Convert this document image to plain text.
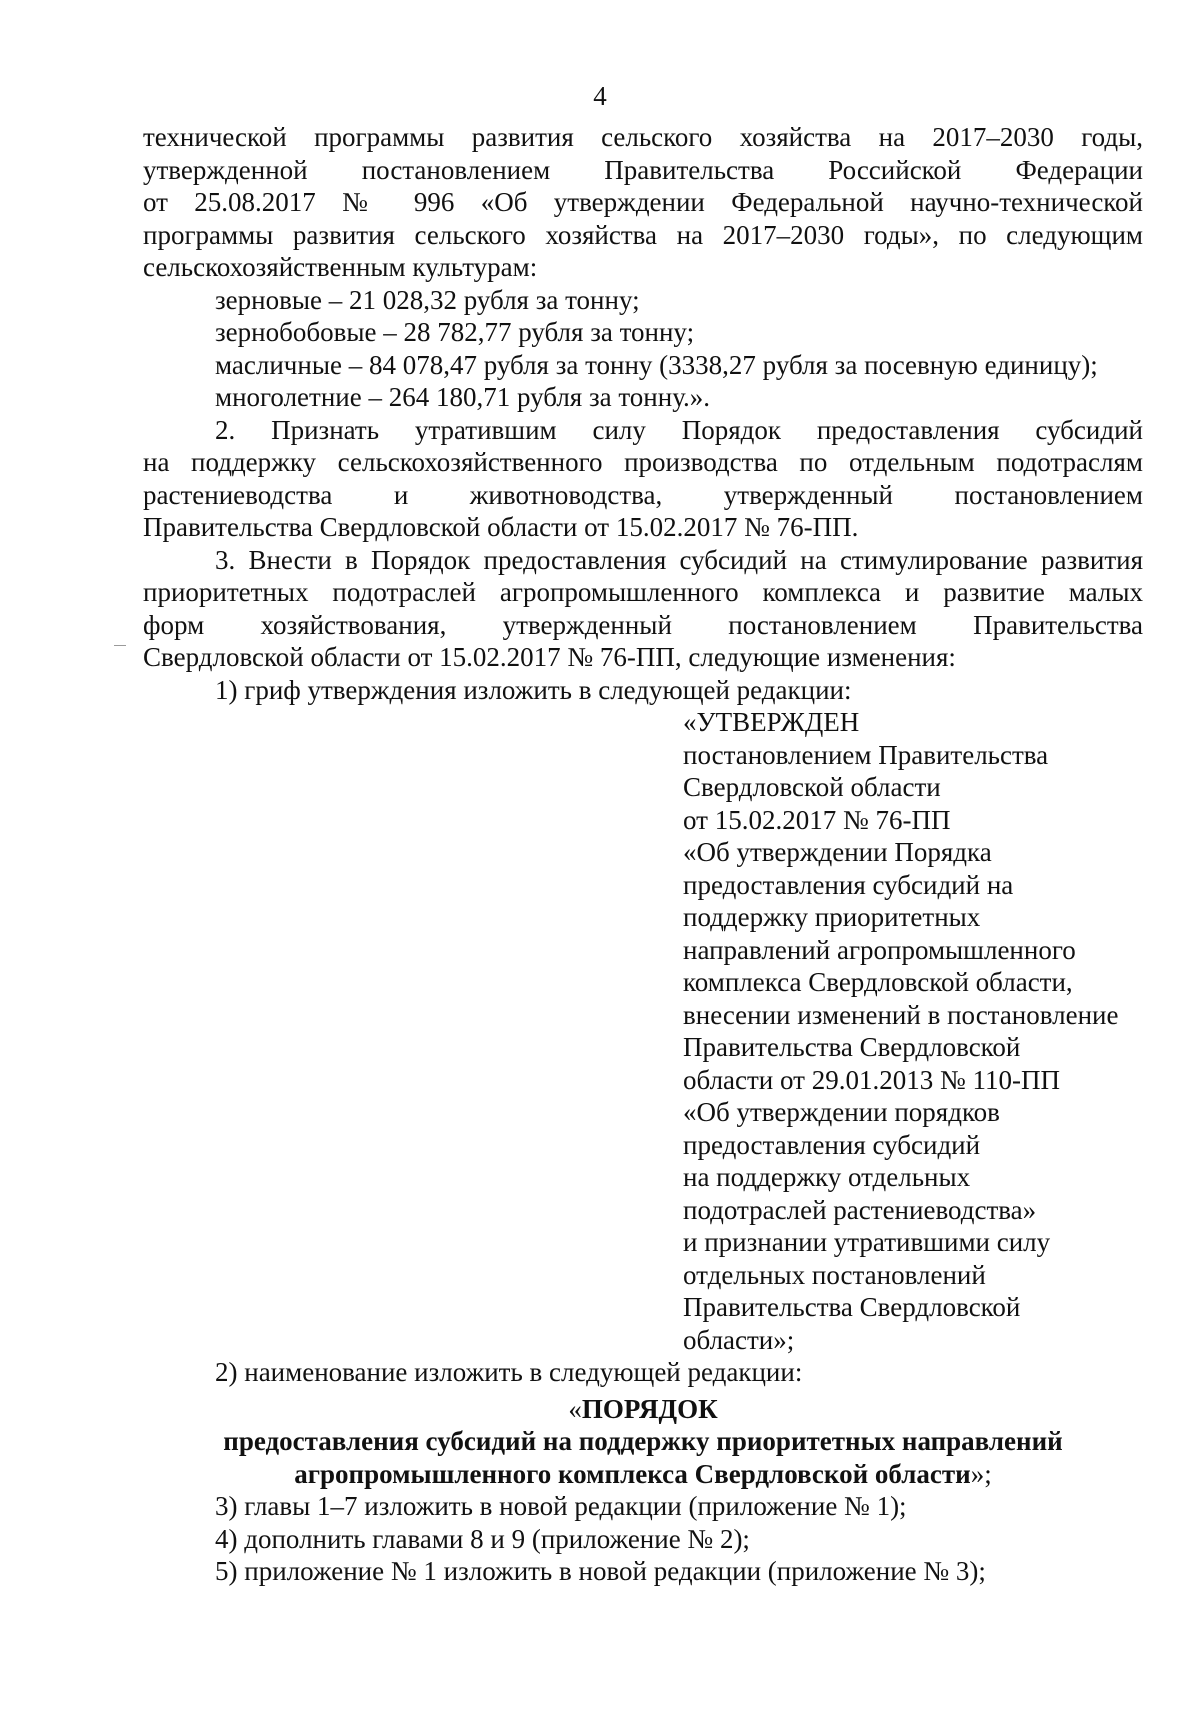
4
технической программы развития сельского хозяйства на 2017–2030 годы,
утвержденной постановлением Правительства Российской Федерации
от 25.08.2017 № 996 «Об утверждении Федеральной научно-технической
программы развития сельского хозяйства на 2017–2030 годы», по следующим
сельскохозяйственным культурам:
зерновые – 21 028,32 рубля за тонну;
зернобобовые – 28 782,77 рубля за тонну;
масличные – 84 078,47 рубля за тонну (3338,27 рубля за посевную единицу);
многолетние – 264 180,71 рубля за тонну.».
2. Признать утратившим силу Порядок предоставления субсидий
на поддержку сельскохозяйственного производства по отдельным подотраслям
растениеводства и животноводства, утвержденный постановлением
Правительства Свердловской области от 15.02.2017 № 76-ПП.
3. Внести в Порядок предоставления субсидий на стимулирование развития
приоритетных подотраслей агропромышленного комплекса и развитие малых
форм хозяйствования, утвержденный постановлением Правительства
Свердловской области от 15.02.2017 № 76-ПП, следующие изменения:
1) гриф утверждения изложить в следующей редакции:
«УТВЕРЖДЕН
постановлением Правительства
Свердловской области
от 15.02.2017 № 76-ПП
«Об утверждении Порядка
предоставления субсидий на
поддержку приоритетных
направлений агропромышленного
комплекса Свердловской области,
внесении изменений в постановление
Правительства Свердловской
области от 29.01.2013 № 110-ПП
«Об утверждении порядков
предоставления субсидий
на поддержку отдельных
подотраслей растениеводства»
и признании утратившими силу
отдельных постановлений
Правительства Свердловской
области»;
2) наименование изложить в следующей редакции:
«ПОРЯДОК
предоставления субсидий на поддержку приоритетных направлений
агропромышленного комплекса Свердловской области»;
3) главы 1–7 изложить в новой редакции (приложение № 1);
4) дополнить главами 8 и 9 (приложение № 2);
5) приложение № 1 изложить в новой редакции (приложение № 3);
